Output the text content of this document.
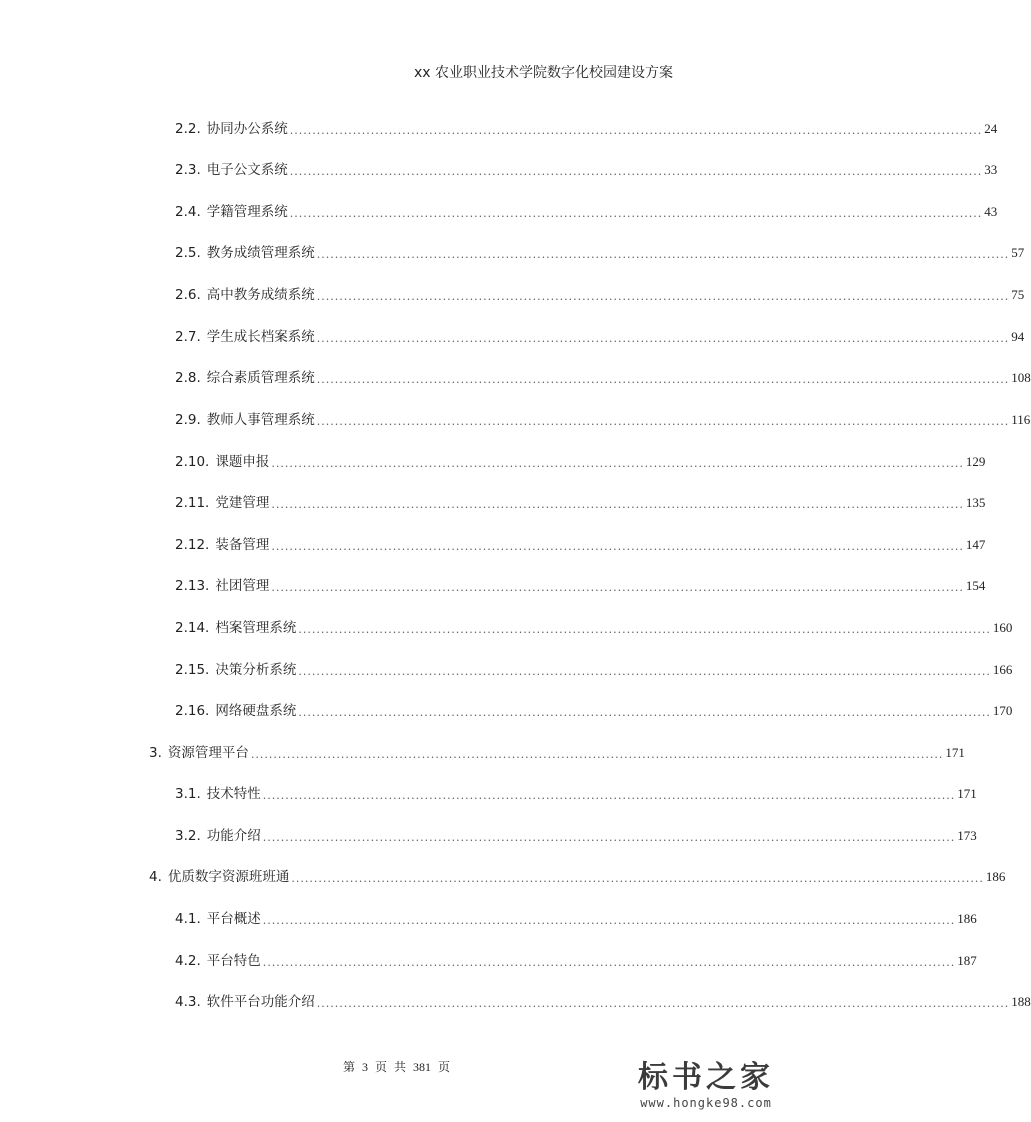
xx 农业职业技术学院数字化校园建设方案
2.2. 协同办公系统 .......................................................................................................................................................... 24
2.3. 电子公文系统 .......................................................................................................................................................... 33
2.4. 学籍管理系统 .......................................................................................................................................................... 43
2.5. 教务成绩管理系统 .......................................................................................................................................................... 57
2.6. 高中教务成绩系统 .......................................................................................................................................................... 75
2.7. 学生成长档案系统 .......................................................................................................................................................... 94
2.8. 综合素质管理系统 .......................................................................................................................................................... 108
2.9. 教师人事管理系统 .......................................................................................................................................................... 116
2.10. 课题申报 .......................................................................................................................................................... 129
2.11. 党建管理 .......................................................................................................................................................... 135
2.12. 装备管理 .......................................................................................................................................................... 147
2.13. 社团管理 .......................................................................................................................................................... 154
2.14. 档案管理系统 .......................................................................................................................................................... 160
2.15. 决策分析系统 .......................................................................................................................................................... 166
2.16. 网络硬盘系统 .......................................................................................................................................................... 170
3. 资源管理平台 .......................................................................................................................................................... 171
3.1. 技术特性 .......................................................................................................................................................... 171
3.2. 功能介绍 .......................................................................................................................................................... 173
4. 优质数字资源班班通 .......................................................................................................................................................... 186
4.1. 平台概述 .......................................................................................................................................................... 186
4.2. 平台特色 .......................................................................................................................................................... 187
4.3. 软件平台功能介绍 .......................................................................................................................................................... 188
第 3 页 共 381 页	标书之家
www.hongke98.com
